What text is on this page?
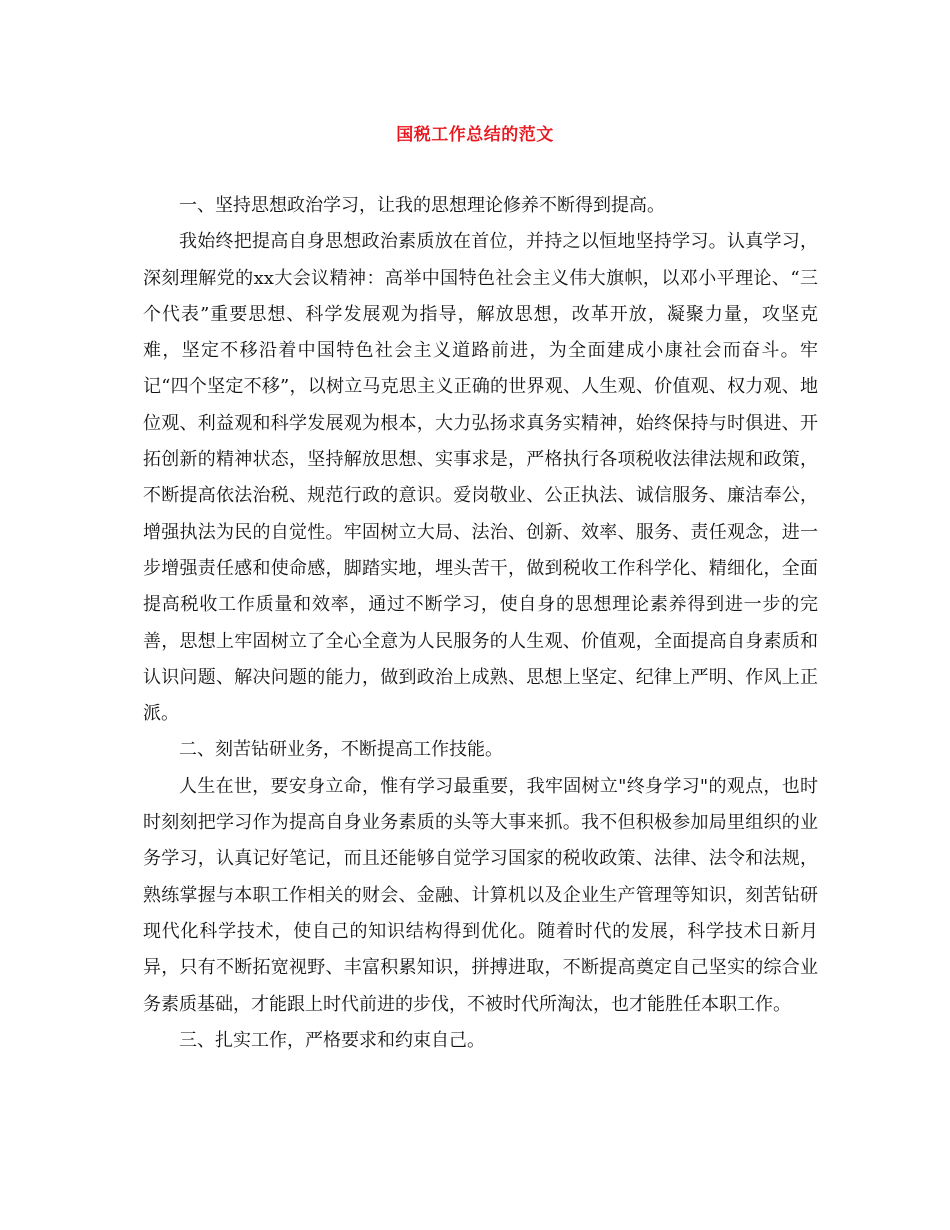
国税工作总结的范文

一、坚持思想政治学习，让我的思想理论修养不断得到提高。

我始终把提高自身思想政治素质放在首位，并持之以恒地坚持学习。认真学习，深刻理解党的xx大会议精神：高举中国特色社会主义伟大旗帜，以邓小平理论、“三个代表”重要思想、科学发展观为指导，解放思想，改革开放，凝聚力量，攻坚克难，坚定不移沿着中国特色社会主义道路前进，为全面建成小康社会而奋斗。牢记“四个坚定不移”，以树立马克思主义正确的世界观、人生观、价值观、权力观、地位观、利益观和科学发展观为根本，大力弘扬求真务实精神，始终保持与时俱进、开拓创新的精神状态，坚持解放思想、实事求是，严格执行各项税收法律法规和政策，不断提高依法治税、规范行政的意识。爱岗敬业、公正执法、诚信服务、廉洁奉公，增强执法为民的自觉性。牢固树立大局、法治、创新、效率、服务、责任观念，进一步增强责任感和使命感，脚踏实地，埋头苦干，做到税收工作科学化、精细化，全面提高税收工作质量和效率，通过不断学习，使自身的思想理论素养得到进一步的完善，思想上牢固树立了全心全意为人民服务的人生观、价值观，全面提高自身素质和认识问题、解决问题的能力，做到政治上成熟、思想上坚定、纪律上严明、作风上正派。

二、刻苦钻研业务，不断提高工作技能。

人生在世，要安身立命，惟有学习最重要，我牢固树立"终身学习"的观点，也时时刻刻把学习作为提高自身业务素质的头等大事来抓。我不但积极参加局里组织的业务学习，认真记好笔记，而且还能够自觉学习国家的税收政策、法律、法令和法规，熟练掌握与本职工作相关的财会、金融、计算机以及企业生产管理等知识，刻苦钻研现代化科学技术，使自己的知识结构得到优化。随着时代的发展，科学技术日新月异，只有不断拓宽视野、丰富积累知识，拼搏进取，不断提高奠定自己坚实的综合业务素质基础，才能跟上时代前进的步伐，不被时代所淘汰，也才能胜任本职工作。

三、扎实工作，严格要求和约束自己。
